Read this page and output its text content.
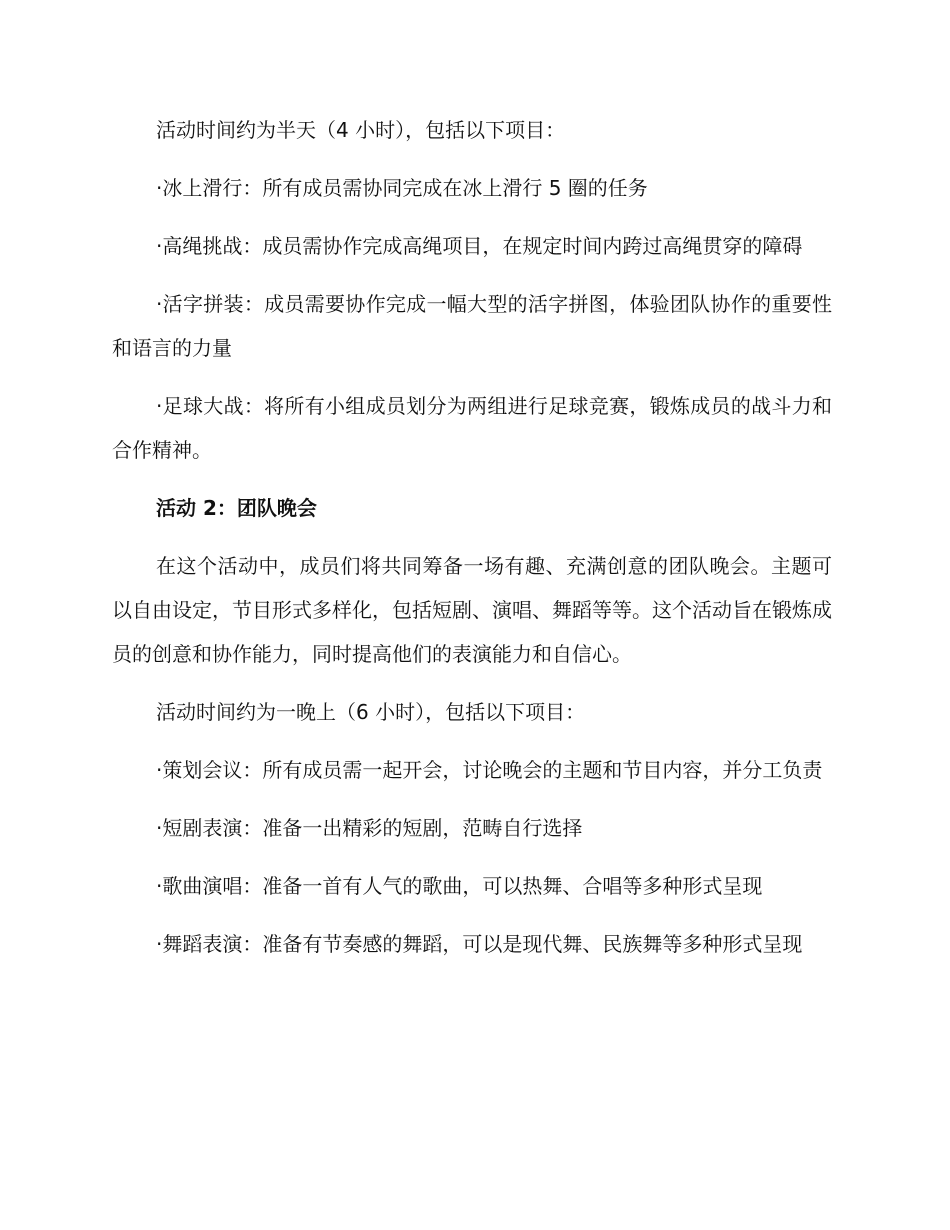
活动时间约为半天（4 小时），包括以下项目：

·冰上滑行：所有成员需协同完成在冰上滑行 5 圈的任务

·高绳挑战：成员需协作完成高绳项目，在规定时间内跨过高绳贯穿的障碍

·活字拼装：成员需要协作完成一幅大型的活字拼图，体验团队协作的重要性和语言的力量

·足球大战：将所有小组成员划分为两组进行足球竞赛，锻炼成员的战斗力和合作精神。

活动 2：团队晚会

在这个活动中，成员们将共同筹备一场有趣、充满创意的团队晚会。主题可以自由设定，节目形式多样化，包括短剧、演唱、舞蹈等等。这个活动旨在锻炼成员的创意和协作能力，同时提高他们的表演能力和自信心。

活动时间约为一晚上（6 小时），包括以下项目：

·策划会议：所有成员需一起开会，讨论晚会的主题和节目内容，并分工负责

·短剧表演：准备一出精彩的短剧，范畴自行选择

·歌曲演唱：准备一首有人气的歌曲，可以热舞、合唱等多种形式呈现

·舞蹈表演：准备有节奏感的舞蹈，可以是现代舞、民族舞等多种形式呈现
